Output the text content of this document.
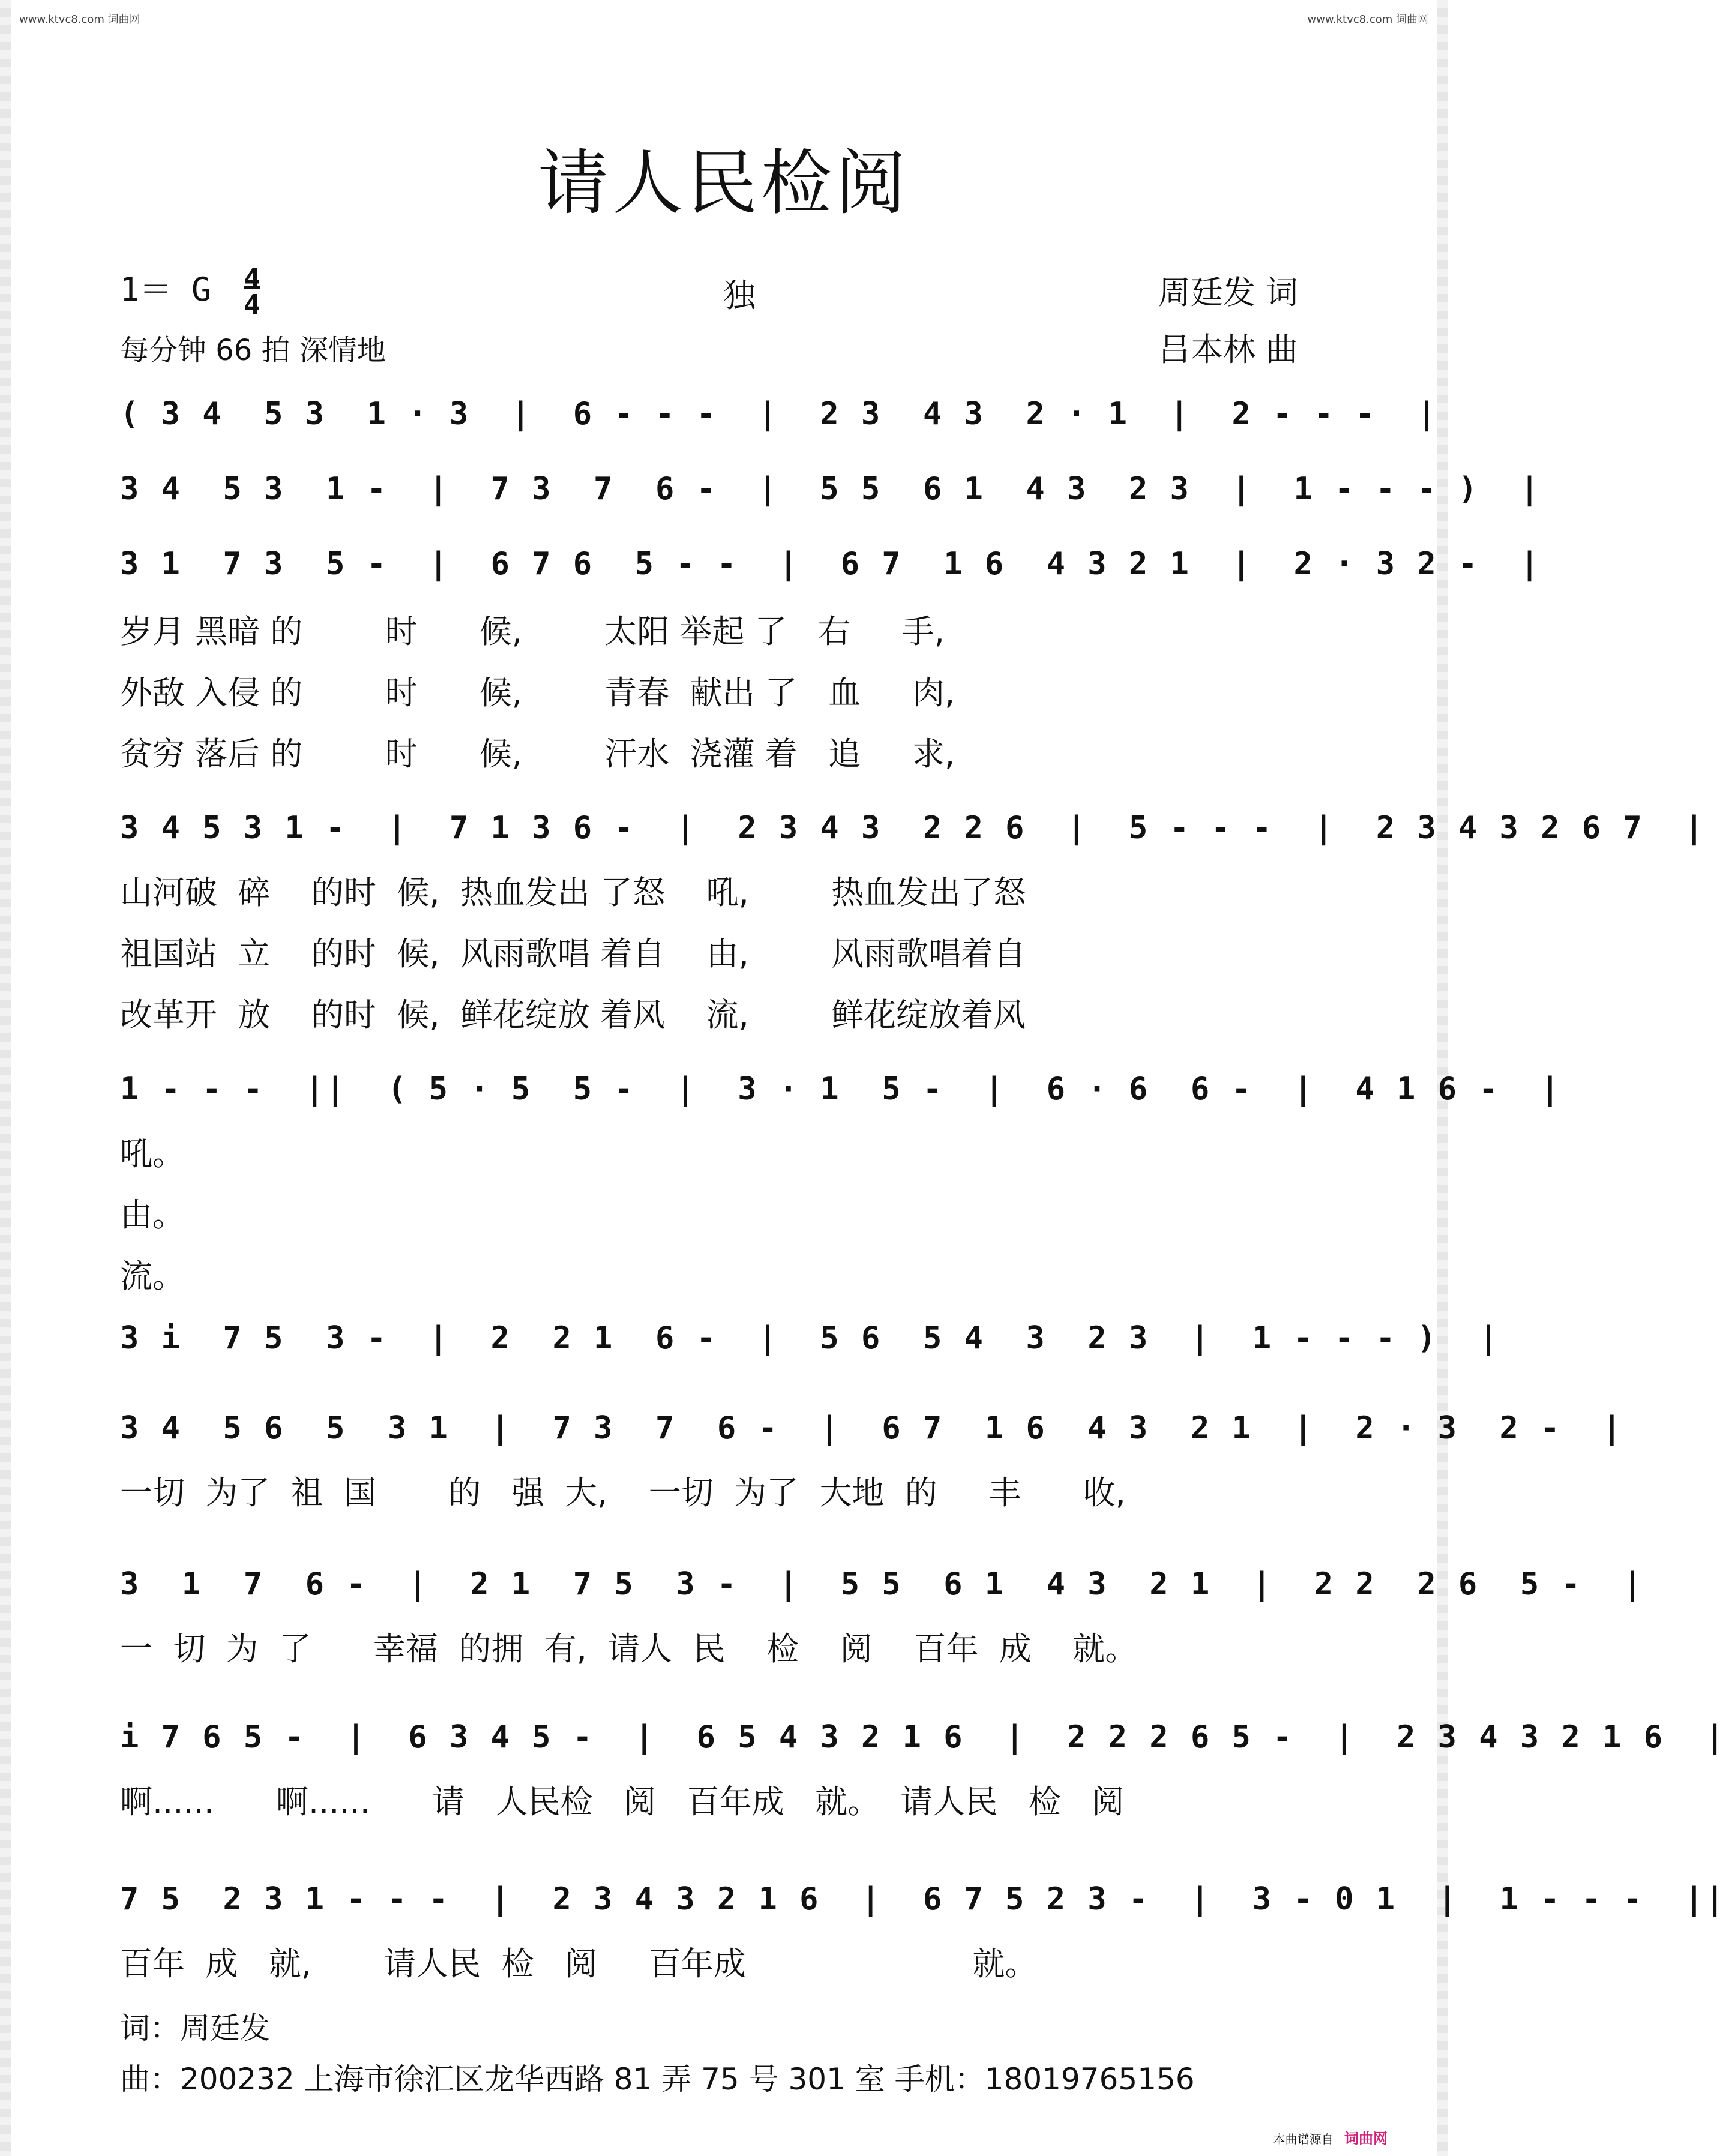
www.ktvc8.com 词曲网	www.ktvc8.com 词曲网
请人民检阅
1＝ G 4
4	独	周廷发 词
每分钟 66 拍 深情地	吕本林 曲
( 3 4  5 3  1 · 3  |  6 - - -  |  2 3  4 3  2 · 1  |  2 - - -  |
3 4  5 3  1 -  |  7 3  7  6 -  |  5 5  6 1  4 3  2 3  |  1 - - - )  |
3 1  7 3  5 -  |  6 7 6  5 - -  |  6 7  1 6  4 3 2 1  |  2 · 3 2 -  |
岁月 黑暗 的        时      候,        太阳 举起 了   右     手,
外敌 入侵 的        时      候,        青春  献出 了   血     肉,
贫穷 落后 的        时      候,        汗水  浇灌 着   追     求,
3 4 5 3 1 -  |  7 1 3 6 -  |  2 3 4 3  2 2 6  |  5 - - -  |  2 3 4 3 2 6 7  |
山河破  碎    的时  候,  热血发出 了怒    吼,        热血发出了怒
祖国站  立    的时  候,  风雨歌唱 着自    由,        风雨歌唱着自
改革开  放    的时  候,  鲜花绽放 着风    流,        鲜花绽放着风
1 - - -  ||  ( 5 · 5  5 -  |  3 · 1  5 -  |  6 · 6  6 -  |  4 1 6 -  |
吼。
由。
流。
3 i  7 5  3 -  |  2  2 1  6 -  |  5 6  5 4  3  2 3  |  1 - - - )  |
3 4  5 6  5  3 1  |  7 3  7  6 -  |  6 7  1 6  4 3  2 1  |  2 · 3  2 -  |
一切  为了  祖  国       的   强  大,    一切  为了  大地  的     丰      收,
3  1  7  6 -  |  2 1  7 5  3 -  |  5 5  6 1  4 3  2 1  |  2 2  2 6  5 -  |
一  切  为  了      幸福  的拥  有,  请人  民    检    阅    百年  成    就。
i 7 6 5 -  |  6 3 4 5 -  |  6 5 4 3 2 1 6  |  2 2 2 6 5 -  |  2 3 4 3 2 1 6  |
啊......      啊......      请   人民检   阅   百年成   就。  请人民   检   阅
7 5  2 3 1 - - -  |  2 3 4 3 2 1 6  |  6 7 5 2 3 -  |  3 - 0 1  |  1 - - -  ||
百年  成   就,       请人民  检   阅     百年成                      就。
词：周廷发
曲：200232 上海市徐汇区龙华西路 81 弄 75 号 301 室 手机：18019765156
本曲谱源自 词曲网
